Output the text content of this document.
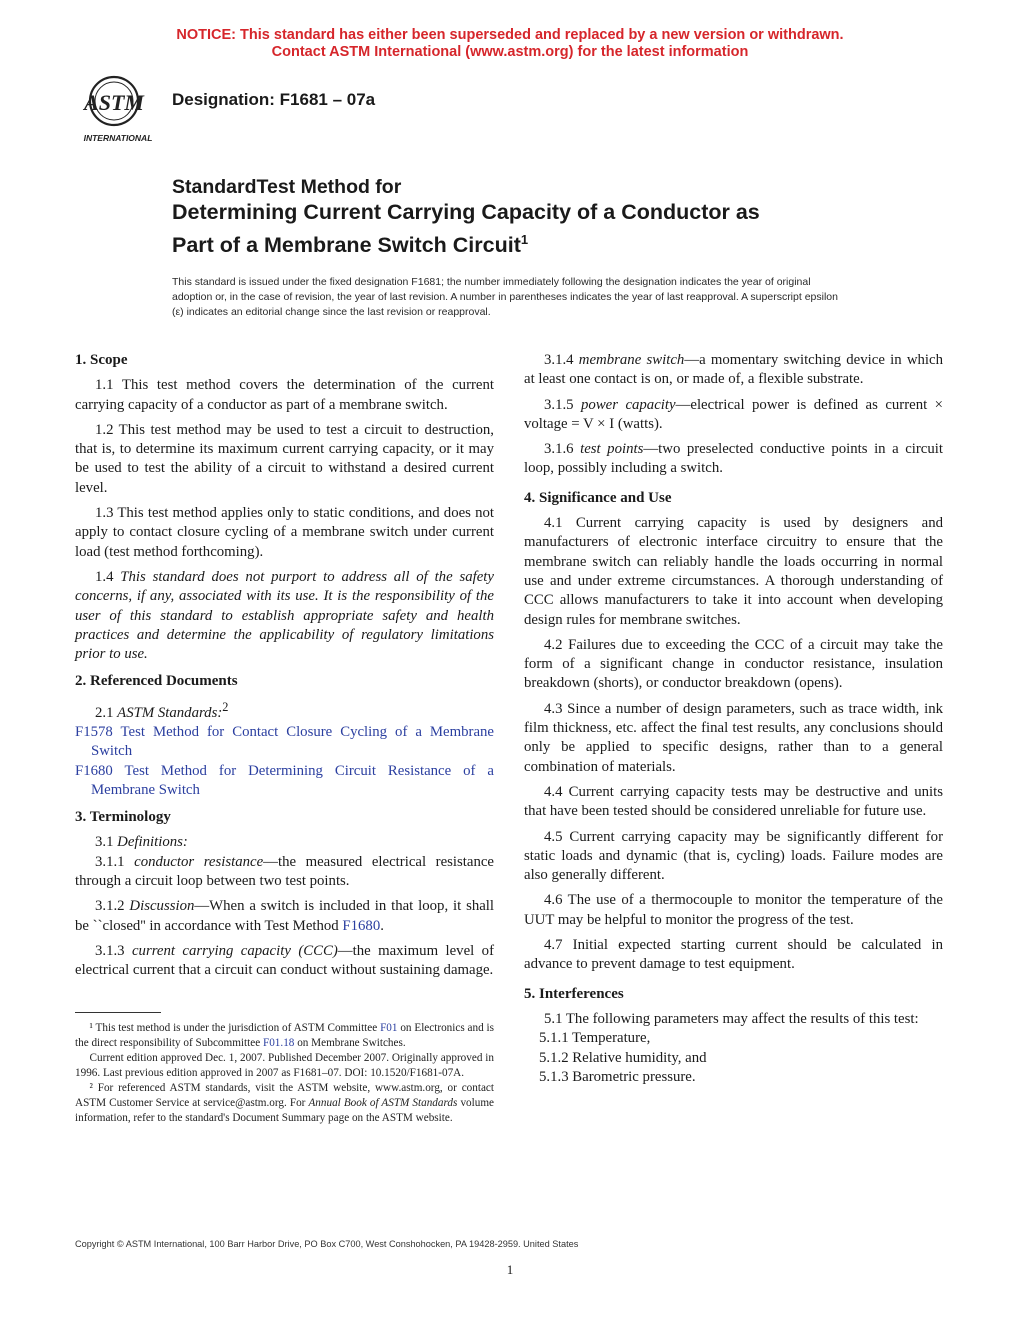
NOTICE: This standard has either been superseded and replaced by a new version or withdrawn.
Contact ASTM International (www.astm.org) for the latest information
ASTM
INTERNATIONAL
Designation: F1681 – 07a
StandardTest Method for
Determining Current Carrying Capacity of a Conductor as
Part of a Membrane Switch Circuit$^1$
This standard is issued under the fixed designation F1681; the number immediately following the designation indicates the year of original adoption or, in the case of revision, the year of last revision. A number in parentheses indicates the year of last reapproval. A superscript epsilon (ε) indicates an editorial change since the last revision or reapproval.
1. Scope

1.1 This test method covers the determination of the current carrying capacity of a conductor as part of a membrane switch.

1.2 This test method may be used to test a circuit to destruction, that is, to determine its maximum current carrying capacity, or it may be used to test the ability of a circuit to withstand a desired current level.

1.3 This test method applies only to static conditions, and does not apply to contact closure cycling of a membrane switch under current load (test method forthcoming).

1.4 This standard does not purport to address all of the safety concerns, if any, associated with its use. It is the responsibility of the user of this standard to establish appropriate safety and health practices and determine the applicability of regulatory limitations prior to use.

2. Referenced Documents

2.1 ASTM Standards:$^2$

F1578 Test Method for Contact Closure Cycling of a Membrane Switch

F1680 Test Method for Determining Circuit Resistance of a Membrane Switch

3. Terminology

3.1 Definitions:

3.1.1 conductor resistance—the measured electrical resistance through a circuit loop between two test points.

3.1.2 Discussion—When a switch is included in that loop, it shall be ``closed'' in accordance with Test Method F1680.

3.1.3 current carrying capacity (CCC)—the maximum level of electrical current that a circuit can conduct without sustaining damage.

¹ This test method is under the jurisdiction of ASTM Committee F01 on Electronics and is the direct responsibility of Subcommittee F01.18 on Membrane Switches.

Current edition approved Dec. 1, 2007. Published December 2007. Originally approved in 1996. Last previous edition approved in 2007 as F1681–07. DOI: 10.1520/F1681-07A.

² For referenced ASTM standards, visit the ASTM website, www.astm.org, or contact ASTM Customer Service at service@astm.org. For Annual Book of ASTM Standards volume information, refer to the standard's Document Summary page on the ASTM website.

3.1.4 membrane switch—a momentary switching device in which at least one contact is on, or made of, a flexible substrate.

3.1.5 power capacity—electrical power is defined as current × voltage = V × I (watts).

3.1.6 test points—two preselected conductive points in a circuit loop, possibly including a switch.

4. Significance and Use

4.1 Current carrying capacity is used by designers and manufacturers of electronic interface circuitry to ensure that the membrane switch can reliably handle the loads occurring in normal use and under extreme circumstances. A thorough understanding of CCC allows manufacturers to take it into account when developing design rules for membrane switches.

4.2 Failures due to exceeding the CCC of a circuit may take the form of a significant change in conductor resistance, insulation breakdown (shorts), or conductor breakdown (opens).

4.3 Since a number of design parameters, such as trace width, ink film thickness, etc. affect the final test results, any conclusions should only be applied to specific designs, rather than to a general combination of materials.

4.4 Current carrying capacity tests may be destructive and units that have been tested should be considered unreliable for future use.

4.5 Current carrying capacity may be significantly different for static loads and dynamic (that is, cycling) loads. Failure modes are also generally different.

4.6 The use of a thermocouple to monitor the temperature of the UUT may be helpful to monitor the progress of the test.

4.7 Initial expected starting current should be calculated in advance to prevent damage to test equipment.

5. Interferences

5.1 The following parameters may affect the results of this test:

5.1.1 Temperature,

5.1.2 Relative humidity, and

5.1.3 Barometric pressure.

Copyright © ASTM International, 100 Barr Harbor Drive, PO Box C700, West Conshohocken, PA 19428-2959. United States
1
